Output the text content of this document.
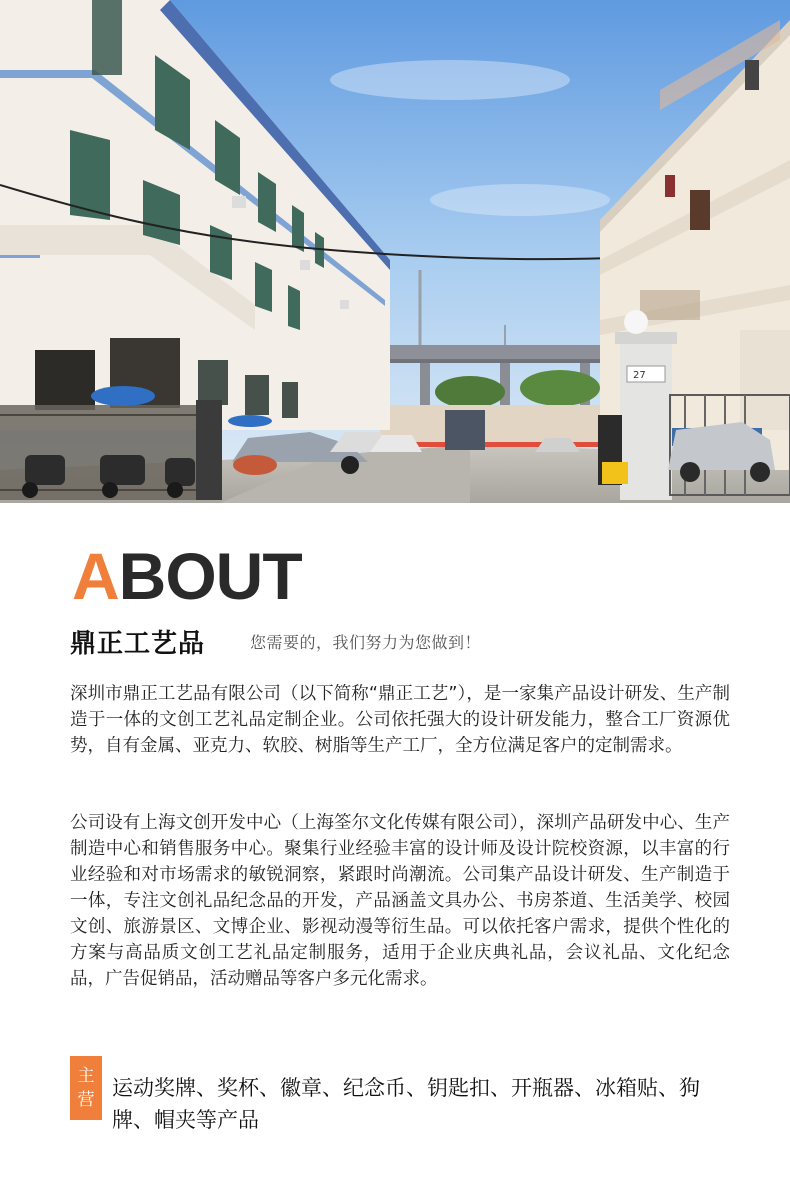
27
ABOUT
鼎正工艺品	您需要的，我们努力为您做到！

深圳市鼎正工艺品有限公司（以下简称“鼎正工艺”），是一家集产品设计研发、生产制造于一体的文创工艺礼品定制企业。公司依托强大的设计研发能力，整合工厂资源优势，自有金属、亚克力、软胶、树脂等生产工厂，全方位满足客户的定制需求。

公司设有上海文创开发中心（上海筌尔文化传媒有限公司），深圳产品研发中心、生产制造中心和销售服务中心。聚集行业经验丰富的设计师及设计院校资源，以丰富的行业经验和对市场需求的敏锐洞察，紧跟时尚潮流。公司集产品设计研发、生产制造于一体，专注文创礼品纪念品的开发，产品涵盖文具办公、书房茶道、生活美学、校园文创、旅游景区、文博企业、影视动漫等衍生品。可以依托客户需求，提供个性化的方案与高品质文创工艺礼品定制服务，适用于企业庆典礼品，会议礼品、文化纪念品，广告促销品，活动赠品等客户多元化需求。

主
营 运动奖牌、奖杯、徽章、纪念币、钥匙扣、开瓶器、冰箱贴、狗牌、帽夹等产品
